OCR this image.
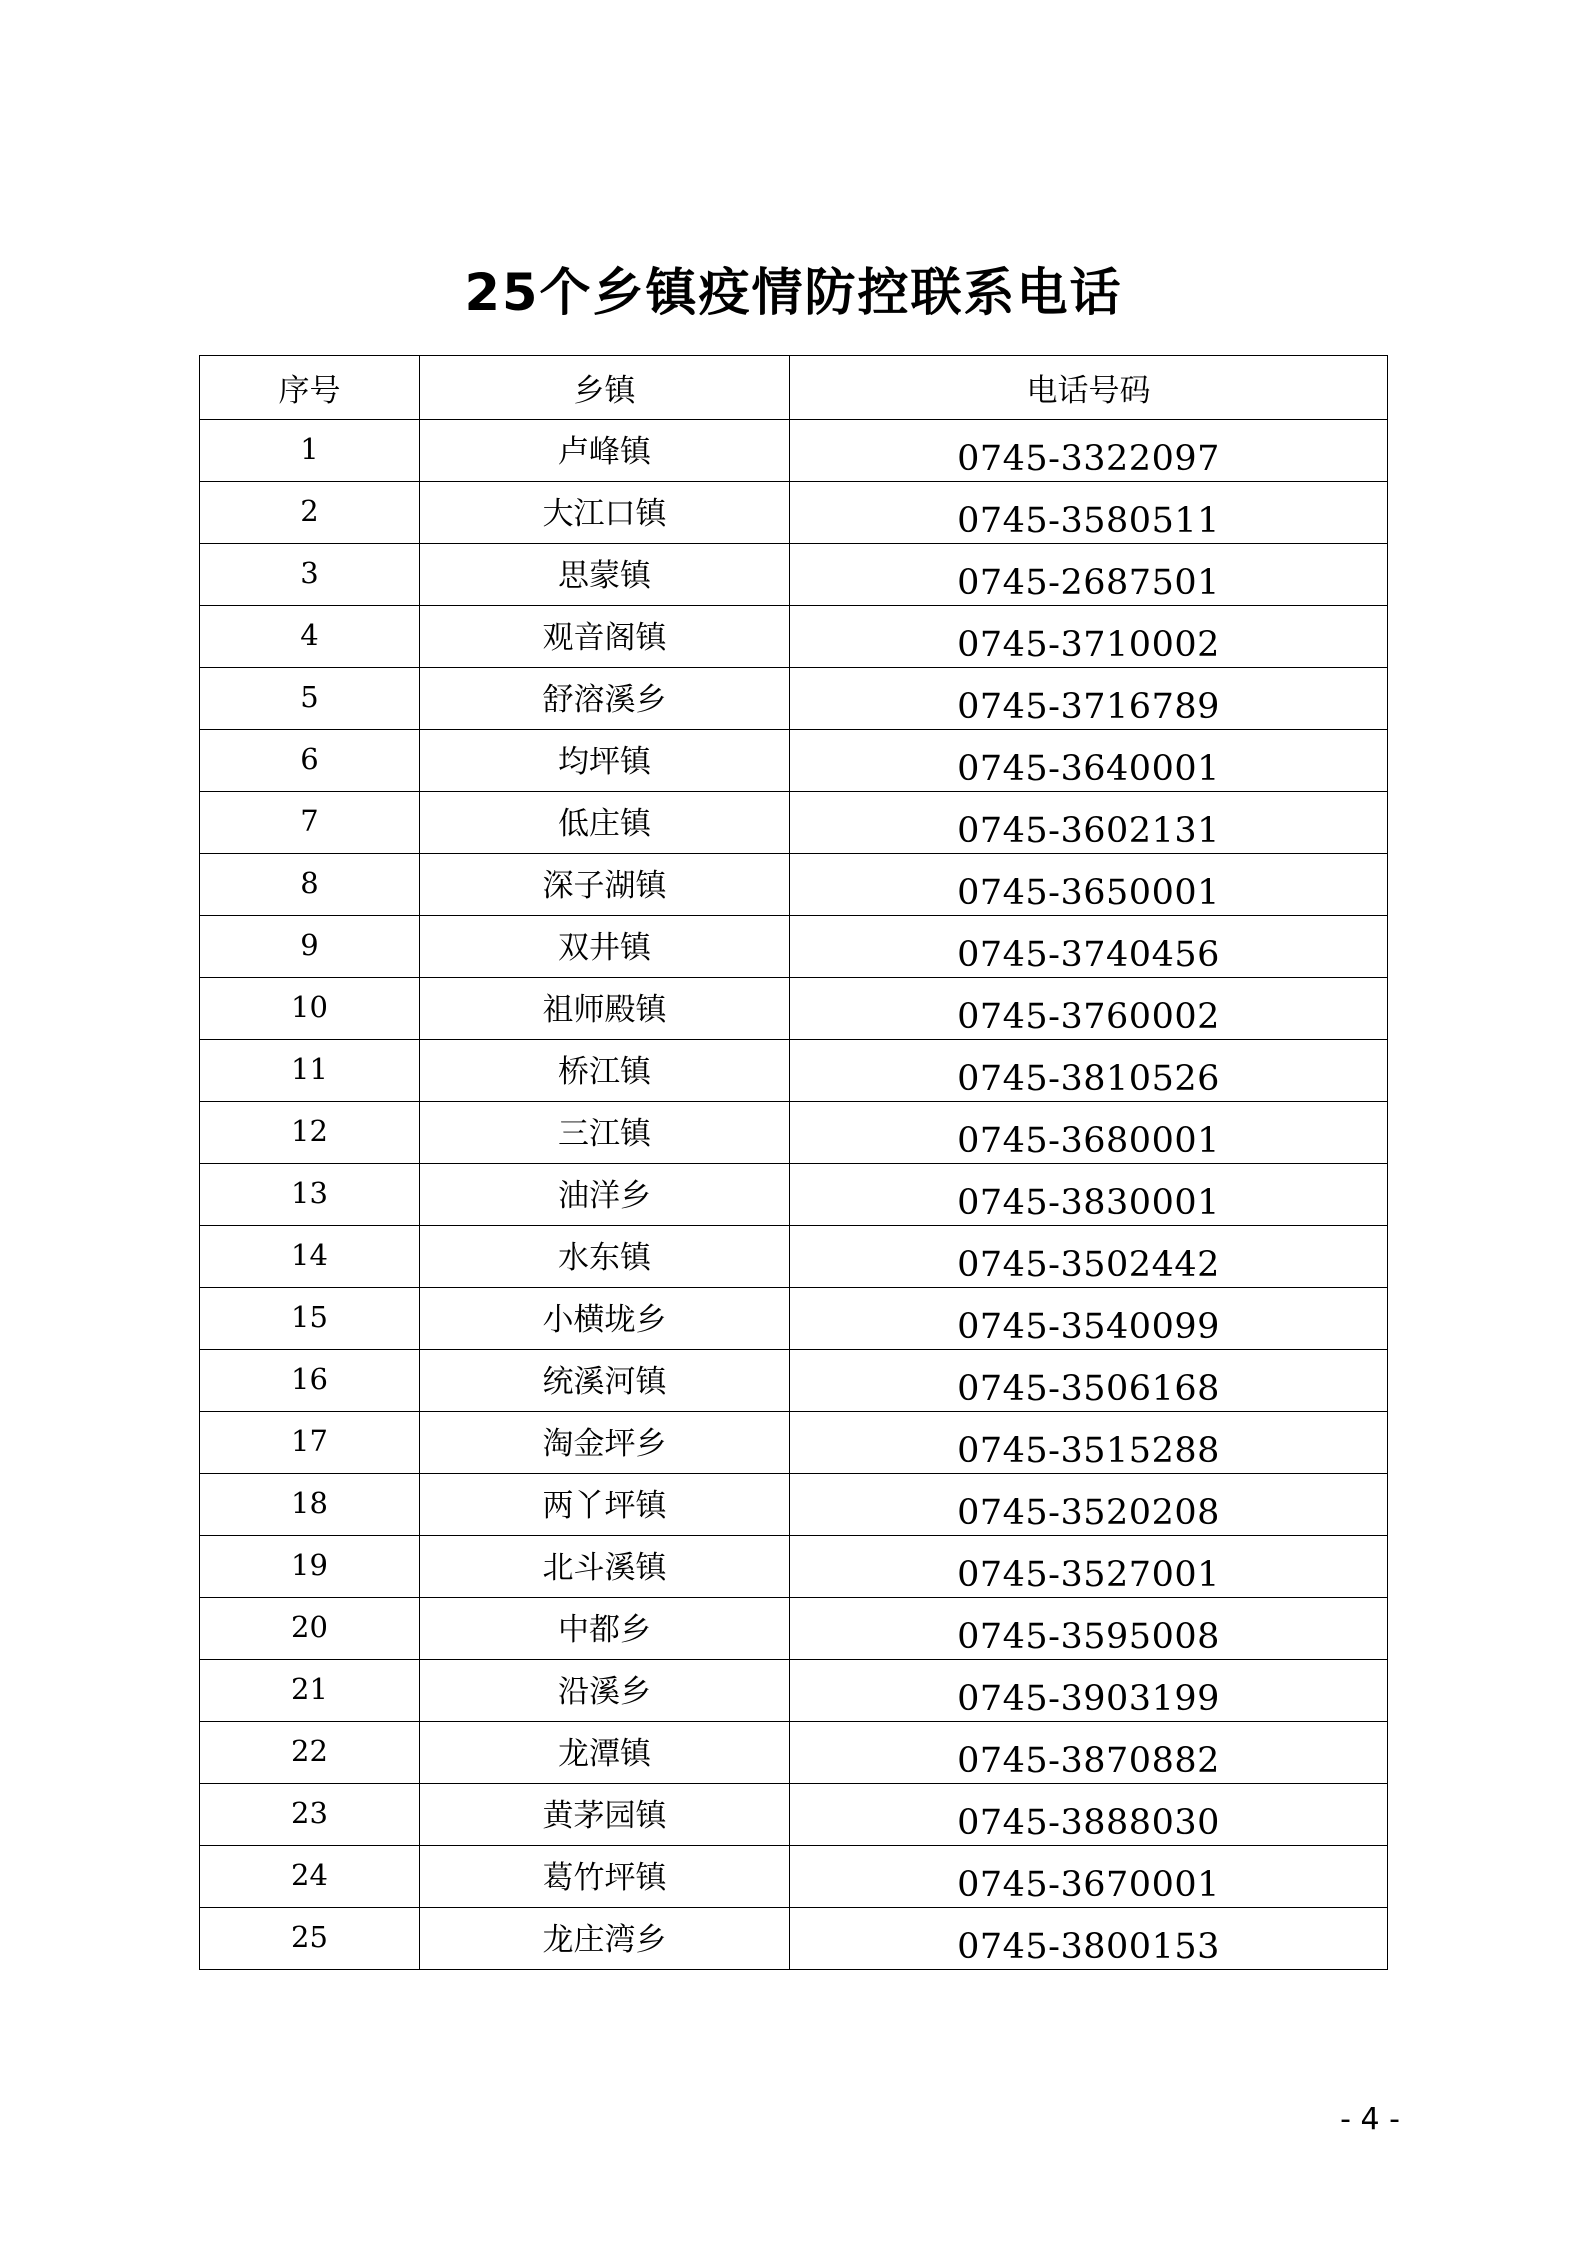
25个乡镇疫情防控联系电话
序号	乡镇	电话号码
1	卢峰镇	0745-3322097
2	大江口镇	0745-3580511
3	思蒙镇	0745-2687501
4	观音阁镇	0745-3710002
5	舒溶溪乡	0745-3716789
6	均坪镇	0745-3640001
7	低庄镇	0745-3602131
8	深子湖镇	0745-3650001
9	双井镇	0745-3740456
10	祖师殿镇	0745-3760002
11	桥江镇	0745-3810526
12	三江镇	0745-3680001
13	油洋乡	0745-3830001
14	水东镇	0745-3502442
15	小横垅乡	0745-3540099
16	统溪河镇	0745-3506168
17	淘金坪乡	0745-3515288
18	两丫坪镇	0745-3520208
19	北斗溪镇	0745-3527001
20	中都乡	0745-3595008
21	沿溪乡	0745-3903199
22	龙潭镇	0745-3870882
23	黄茅园镇	0745-3888030
24	葛竹坪镇	0745-3670001
25	龙庄湾乡	0745-3800153
- 4 -
